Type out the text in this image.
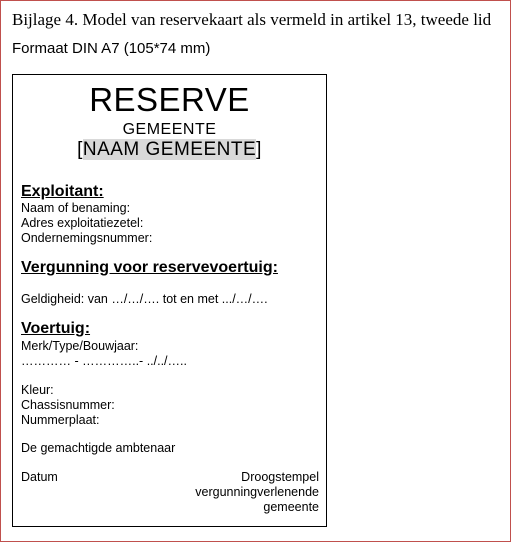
Bijlage 4. Model van reservekaart als vermeld in artikel 13, tweede lid
Formaat DIN A7 (105*74 mm)
RESERVE
GEMEENTE
[NAAM GEMEENTE]
Exploitant:
Naam of benaming:
Adres exploitatiezetel:
Ondernemingsnummer:
Vergunning voor reservevoertuig:
Geldigheid: van …/…/…. tot en met .../…/….
Voertuig:
Merk/Type/Bouwjaar:
………… - …………..- ../../…..
Kleur:
Chassisnummer:
Nummerplaat:
De gemachtigde ambtenaar
Datum	Droogstempel
vergunningverlenende
gemeente
